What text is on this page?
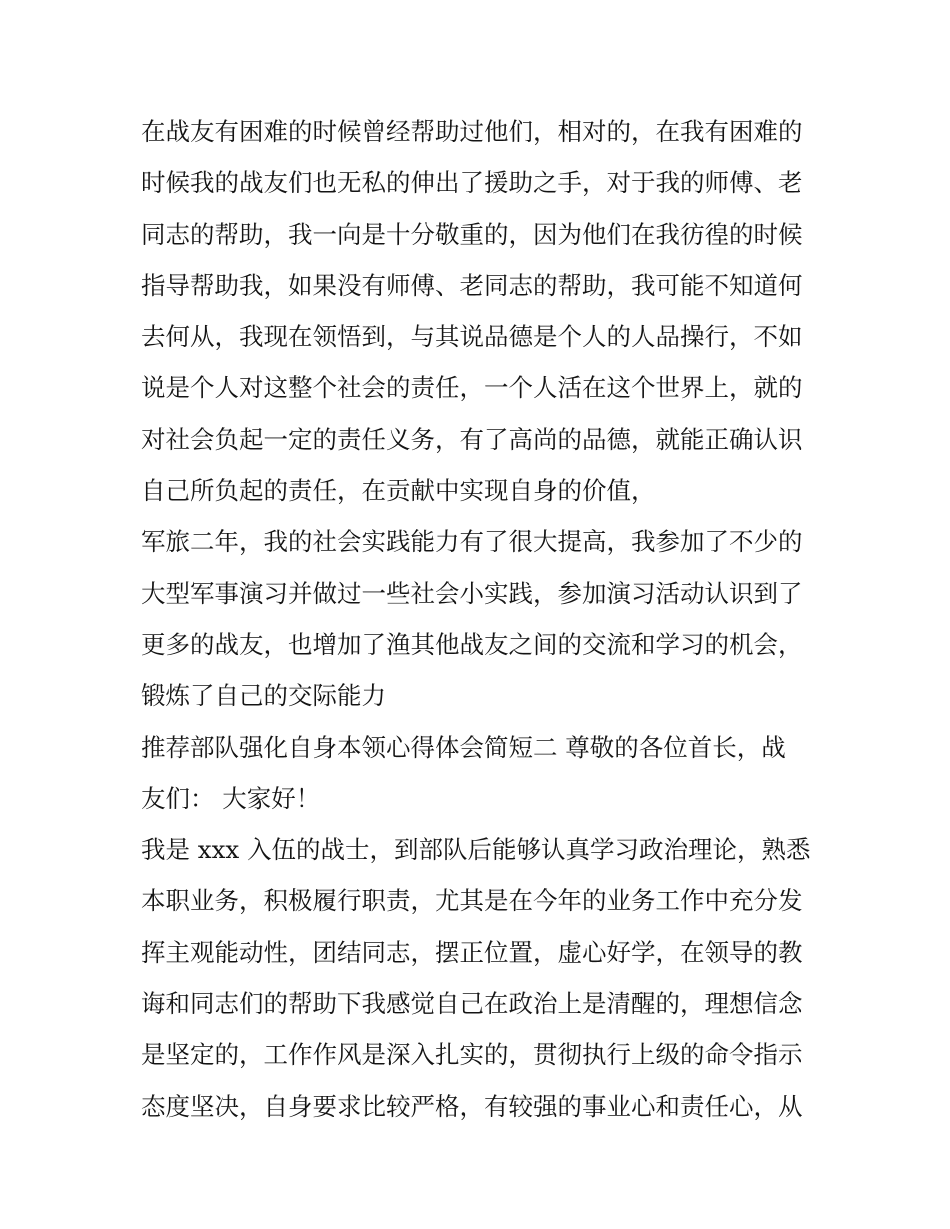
在战友有困难的时候曾经帮助过他们，相对的，在我有困难的
时候我的战友们也无私的伸出了援助之手，对于我的师傅、老
同志的帮助，我一向是十分敬重的，因为他们在我彷徨的时候
指导帮助我，如果没有师傅、老同志的帮助，我可能不知道何
去何从，我现在领悟到，与其说品德是个人的人品操行，不如
说是个人对这整个社会的责任，一个人活在这个世界上，就的
对社会负起一定的责任义务，有了高尚的品德，就能正确认识
自己所负起的责任，在贡献中实现自身的价值，
军旅二年，我的社会实践能力有了很大提高，我参加了不少的
大型军事演习并做过一些社会小实践，参加演习活动认识到了
更多的战友，也增加了渔其他战友之间的交流和学习的机会，
锻炼了自己的交际能力
推荐部队强化自身本领心得体会简短二 尊敬的各位首长，战
友们： 大家好！
我是 xxx 入伍的战士，到部队后能够认真学习政治理论，熟悉
本职业务，积极履行职责，尤其是在今年的业务工作中充分发
挥主观能动性，团结同志，摆正位置，虚心好学，在领导的教
诲和同志们的帮助下我感觉自己在政治上是清醒的，理想信念
是坚定的，工作作风是深入扎实的，贯彻执行上级的命令指示
态度坚决，自身要求比较严格，有较强的事业心和责任心，从
